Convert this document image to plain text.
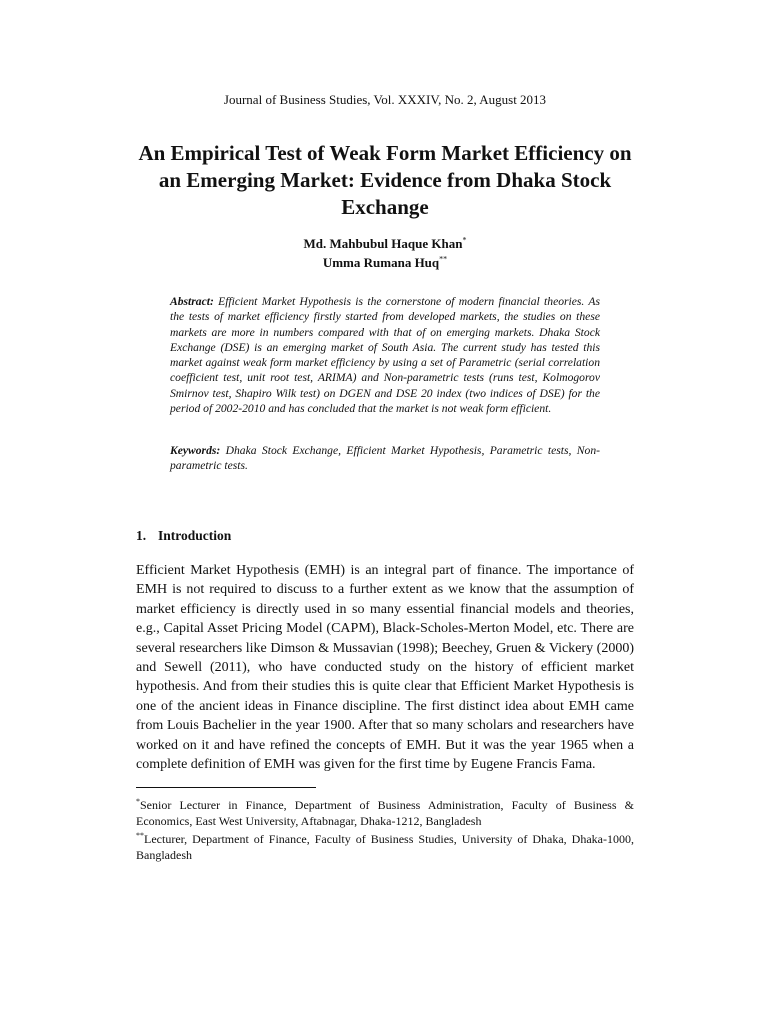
Journal of Business Studies, Vol. XXXIV, No. 2, August 2013
An Empirical Test of Weak Form Market Efficiency on an Emerging Market: Evidence from Dhaka Stock Exchange
Md. Mahbubul Haque Khan*
Umma Rumana Huq**

Abstract: Efficient Market Hypothesis is the cornerstone of modern financial theories. As the tests of market efficiency firstly started from developed markets, the studies on these markets are more in numbers compared with that of on emerging markets. Dhaka Stock Exchange (DSE) is an emerging market of South Asia. The current study has tested this market against weak form market efficiency by using a set of Parametric (serial correlation coefficient test, unit root test, ARIMA) and Non-parametric tests (runs test, Kolmogorov Smirnov test, Shapiro Wilk test) on DGEN and DSE 20 index (two indices of DSE) for the period of 2002-2010 and has concluded that the market is not weak form efficient.

Keywords: Dhaka Stock Exchange, Efficient Market Hypothesis, Parametric tests, Non-parametric tests.

1. Introduction

Efficient Market Hypothesis (EMH) is an integral part of finance. The importance of EMH is not required to discuss to a further extent as we know that the assumption of market efficiency is directly used in so many essential financial models and theories, e.g., Capital Asset Pricing Model (CAPM), Black-Scholes-Merton Model, etc. There are several researchers like Dimson & Mussavian (1998); Beechey, Gruen & Vickery (2000) and Sewell (2011), who have conducted study on the history of efficient market hypothesis. And from their studies this is quite clear that Efficient Market Hypothesis is one of the ancient ideas in Finance discipline. The first distinct idea about EMH came from Louis Bachelier in the year 1900. After that so many scholars and researchers have worked on it and have refined the concepts of EMH. But it was the year 1965 when a complete definition of EMH was given for the first time by Eugene Francis Fama.

*Senior Lecturer in Finance, Department of Business Administration, Faculty of Business & Economics, East West University, Aftabnagar, Dhaka-1212, Bangladesh

**Lecturer, Department of Finance, Faculty of Business Studies, University of Dhaka, Dhaka-1000, Bangladesh
